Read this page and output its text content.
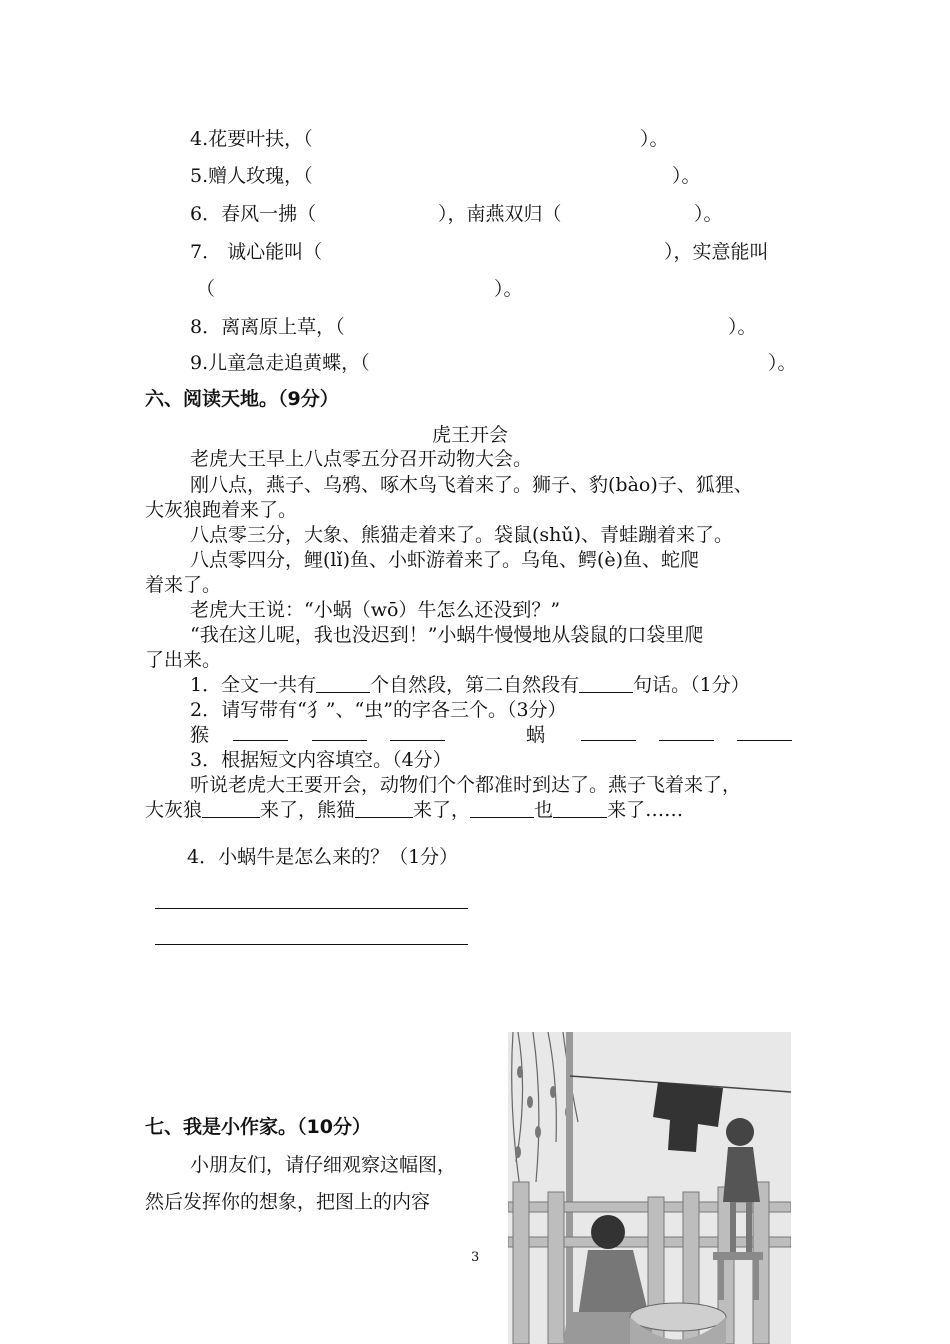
4.花要叶扶，（	）。
5.赠人玫瑰，（	）。
6．春风一拂（	），南燕双归（	）。
7． 诚心能叫（	），实意能叫
（	）。
8．离离原上草，（	）。
9.儿童急走追黄蝶，（	）。
六、阅读天地。（9分）
虎王开会
老虎大王早上八点零五分召开动物大会。
刚八点，燕子、乌鸦、啄木鸟飞着来了。狮子、豹(bào)子、狐狸、
大灰狼跑着来了。
八点零三分，大象、熊猫走着来了。袋鼠(shǔ)、青蛙蹦着来了。
八点零四分，鲤(lǐ)鱼、小虾游着来了。乌龟、鳄(è)鱼、蛇爬
着来了。
老虎大王说：“小蜗（wō）牛怎么还没到？”
“我在这儿呢，我也没迟到！”小蜗牛慢慢地从袋鼠的口袋里爬
了出来。
1．全文一共有	个自然段，第二自然段有	句话。（1分）
2．请写带有“犭”、“虫”的字各三个。（3分）
猴	蜗
3．根据短文内容填空。（4分）
听说老虎大王要开会，动物们个个都准时到达了。燕子飞着来了，
大灰狼	来了，熊猫	来了，	也	来了……
4．小蜗牛是怎么来的？（1分）
七、我是小作家。（10分）
小朋友们，请仔细观察这幅图，
然后发挥你的想象，把图上的内容
3
